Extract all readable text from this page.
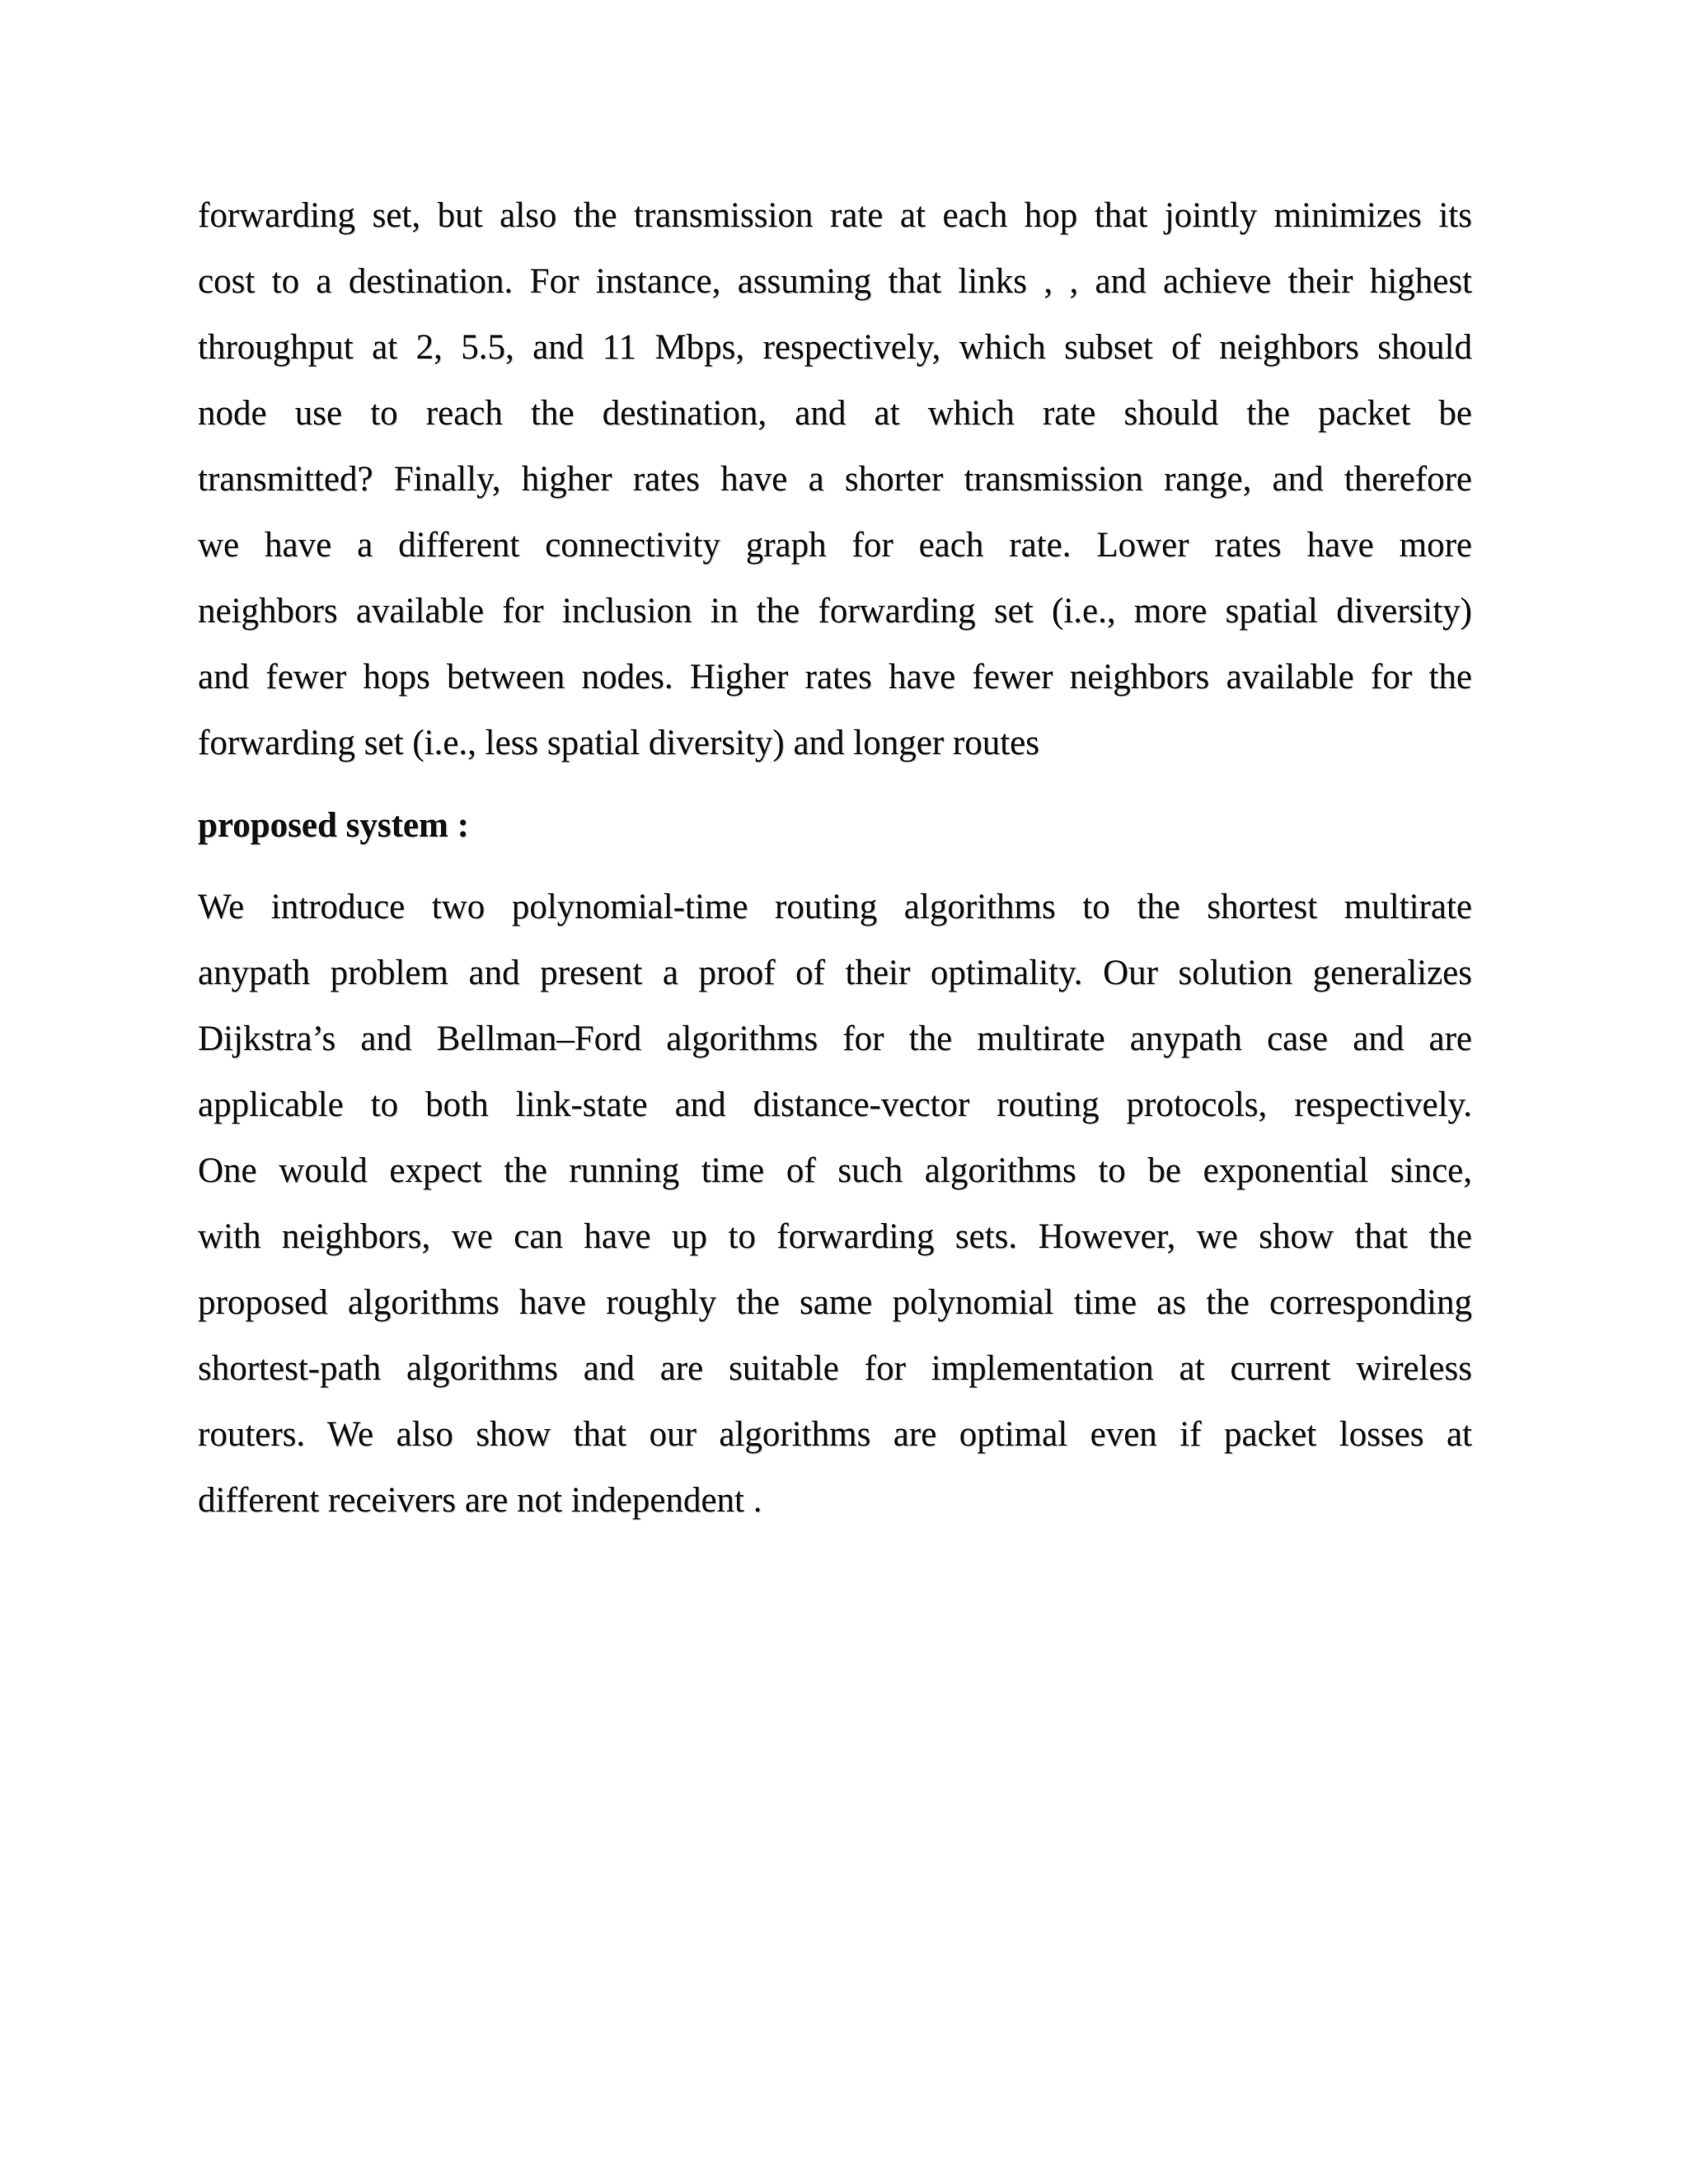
forwarding set, but also the transmission rate at each hop that jointly minimizes its

cost to a destination. For instance, assuming that links , , and achieve their highest

throughput at 2, 5.5, and 11 Mbps, respectively, which subset of neighbors should

node use to reach the destination, and at which rate should the packet be

transmitted? Finally, higher rates have a shorter transmission range, and therefore

we have a different connectivity graph for each rate. Lower rates have more

neighbors available for inclusion in the forwarding set (i.e., more spatial diversity)

and fewer hops between nodes. Higher rates have fewer neighbors available for the

forwarding set (i.e., less spatial diversity) and longer routes

proposed system :

We introduce two polynomial-time routing algorithms to the shortest multirate

anypath problem and present a proof of their optimality. Our solution generalizes

Dijkstra’s and Bellman–Ford algorithms for the multirate anypath case and are

applicable to both link-state and distance-vector routing protocols, respectively.

One would expect the running time of such algorithms to be exponential since,

with neighbors, we can have up to forwarding sets. However, we show that the

proposed algorithms have roughly the same polynomial time as the corresponding

shortest-path algorithms and are suitable for implementation at current wireless

routers. We also show that our algorithms are optimal even if packet losses at

different receivers are not independent .
